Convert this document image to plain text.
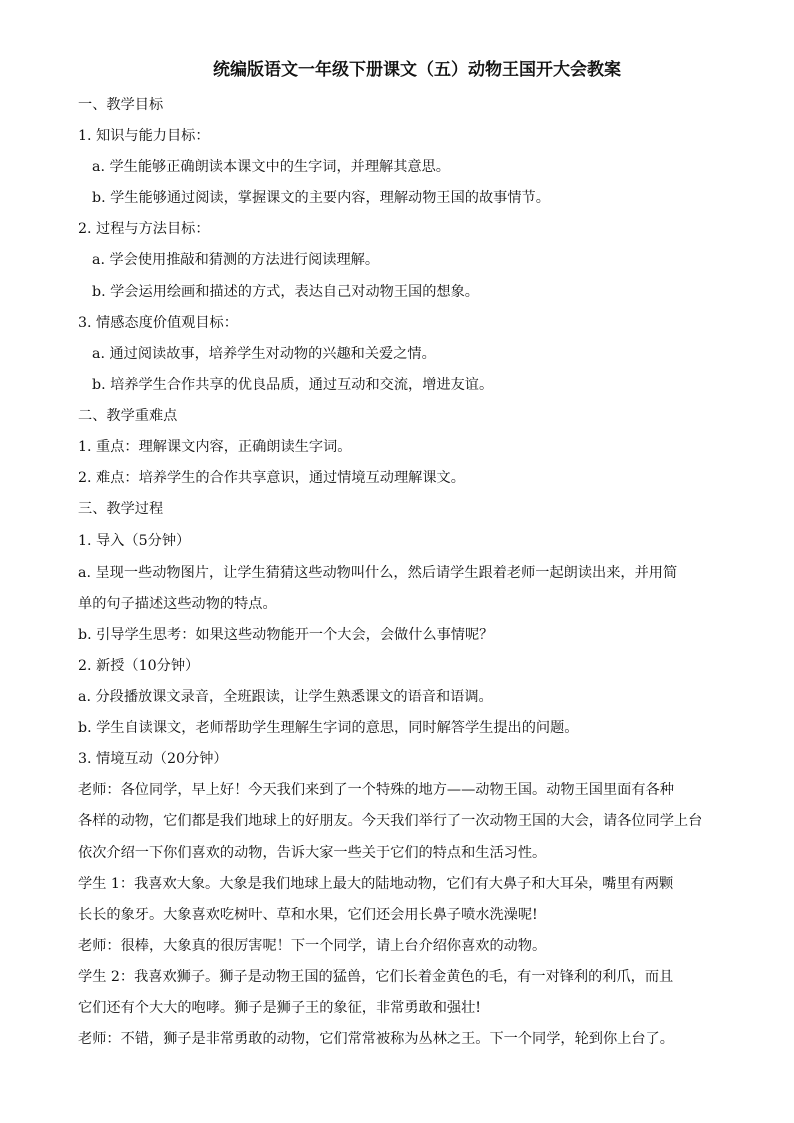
统编版语文一年级下册课文（五）动物王国开大会教案
一、教学目标
1. 知识与能力目标：
a. 学生能够正确朗读本课文中的生字词，并理解其意思。
b. 学生能够通过阅读，掌握课文的主要内容，理解动物王国的故事情节。
2. 过程与方法目标：
a. 学会使用推敲和猜测的方法进行阅读理解。
b. 学会运用绘画和描述的方式，表达自己对动物王国的想象。
3. 情感态度价值观目标：
a. 通过阅读故事，培养学生对动物的兴趣和关爱之情。
b. 培养学生合作共享的优良品质，通过互动和交流，增进友谊。
二、教学重难点
1. 重点：理解课文内容，正确朗读生字词。
2. 难点：培养学生的合作共享意识，通过情境互动理解课文。
三、教学过程
1. 导入（5分钟）
a. 呈现一些动物图片，让学生猜猜这些动物叫什么，然后请学生跟着老师一起朗读出来，并用简
单的句子描述这些动物的特点。
b. 引导学生思考：如果这些动物能开一个大会，会做什么事情呢？
2. 新授（10分钟）
a. 分段播放课文录音，全班跟读，让学生熟悉课文的语音和语调。
b. 学生自读课文，老师帮助学生理解生字词的意思，同时解答学生提出的问题。
3. 情境互动（20分钟）
老师：各位同学，早上好！今天我们来到了一个特殊的地方——动物王国。动物王国里面有各种
各样的动物，它们都是我们地球上的好朋友。今天我们举行了一次动物王国的大会，请各位同学上台
依次介绍一下你们喜欢的动物，告诉大家一些关于它们的特点和生活习性。
学生 1：我喜欢大象。大象是我们地球上最大的陆地动物，它们有大鼻子和大耳朵，嘴里有两颗
长长的象牙。大象喜欢吃树叶、草和水果，它们还会用长鼻子喷水洗澡呢!
老师：很棒，大象真的很厉害呢！下一个同学，请上台介绍你喜欢的动物。
学生 2：我喜欢狮子。狮子是动物王国的猛兽，它们长着金黄色的毛，有一对锋利的利爪，而且
它们还有个大大的咆哮。狮子是狮子王的象征，非常勇敢和强壮!
老师：不错，狮子是非常勇敢的动物，它们常常被称为丛林之王。下一个同学，轮到你上台了。
